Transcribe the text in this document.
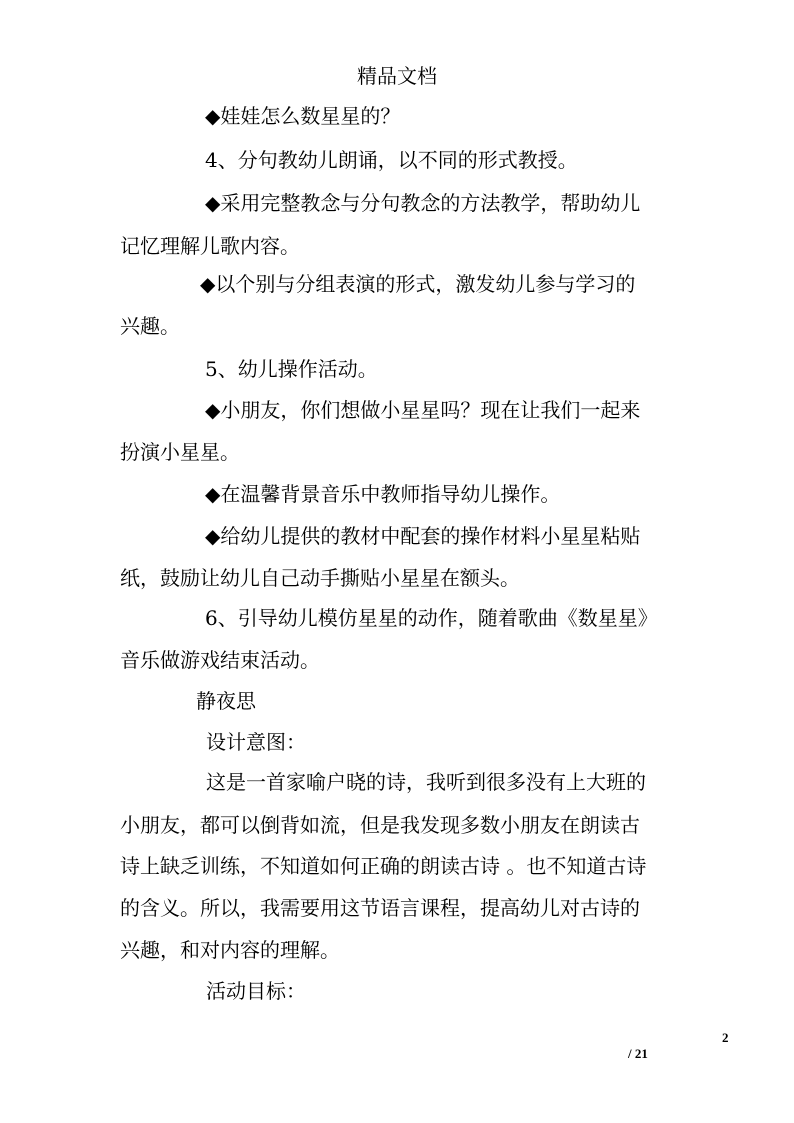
精品文档
◆娃娃怎么数星星的？
4、分句教幼儿朗诵，以不同的形式教授。
◆采用完整教念与分句教念的方法教学，帮助幼儿
记忆理解儿歌内容。
◆以个别与分组表演的形式，激发幼儿参与学习的
兴趣。
5、幼儿操作活动。
◆小朋友，你们想做小星星吗？现在让我们一起来
扮演小星星。
◆在温馨背景音乐中教师指导幼儿操作。
◆给幼儿提供的教材中配套的操作材料小星星粘贴
纸，鼓励让幼儿自己动手撕贴小星星在额头。
6、引导幼儿模仿星星的动作，随着歌曲《数星星》
音乐做游戏结束活动。
静夜思
设计意图：
这是一首家喻户晓的诗，我听到很多没有上大班的
小朋友，都可以倒背如流，但是我发现多数小朋友在朗读古
诗上缺乏训练，不知道如何正确的朗读古诗 。也不知道古诗
的含义。所以，我需要用这节语言课程，提高幼儿对古诗的
兴趣，和对内容的理解。
活动目标：
2
/ 21
